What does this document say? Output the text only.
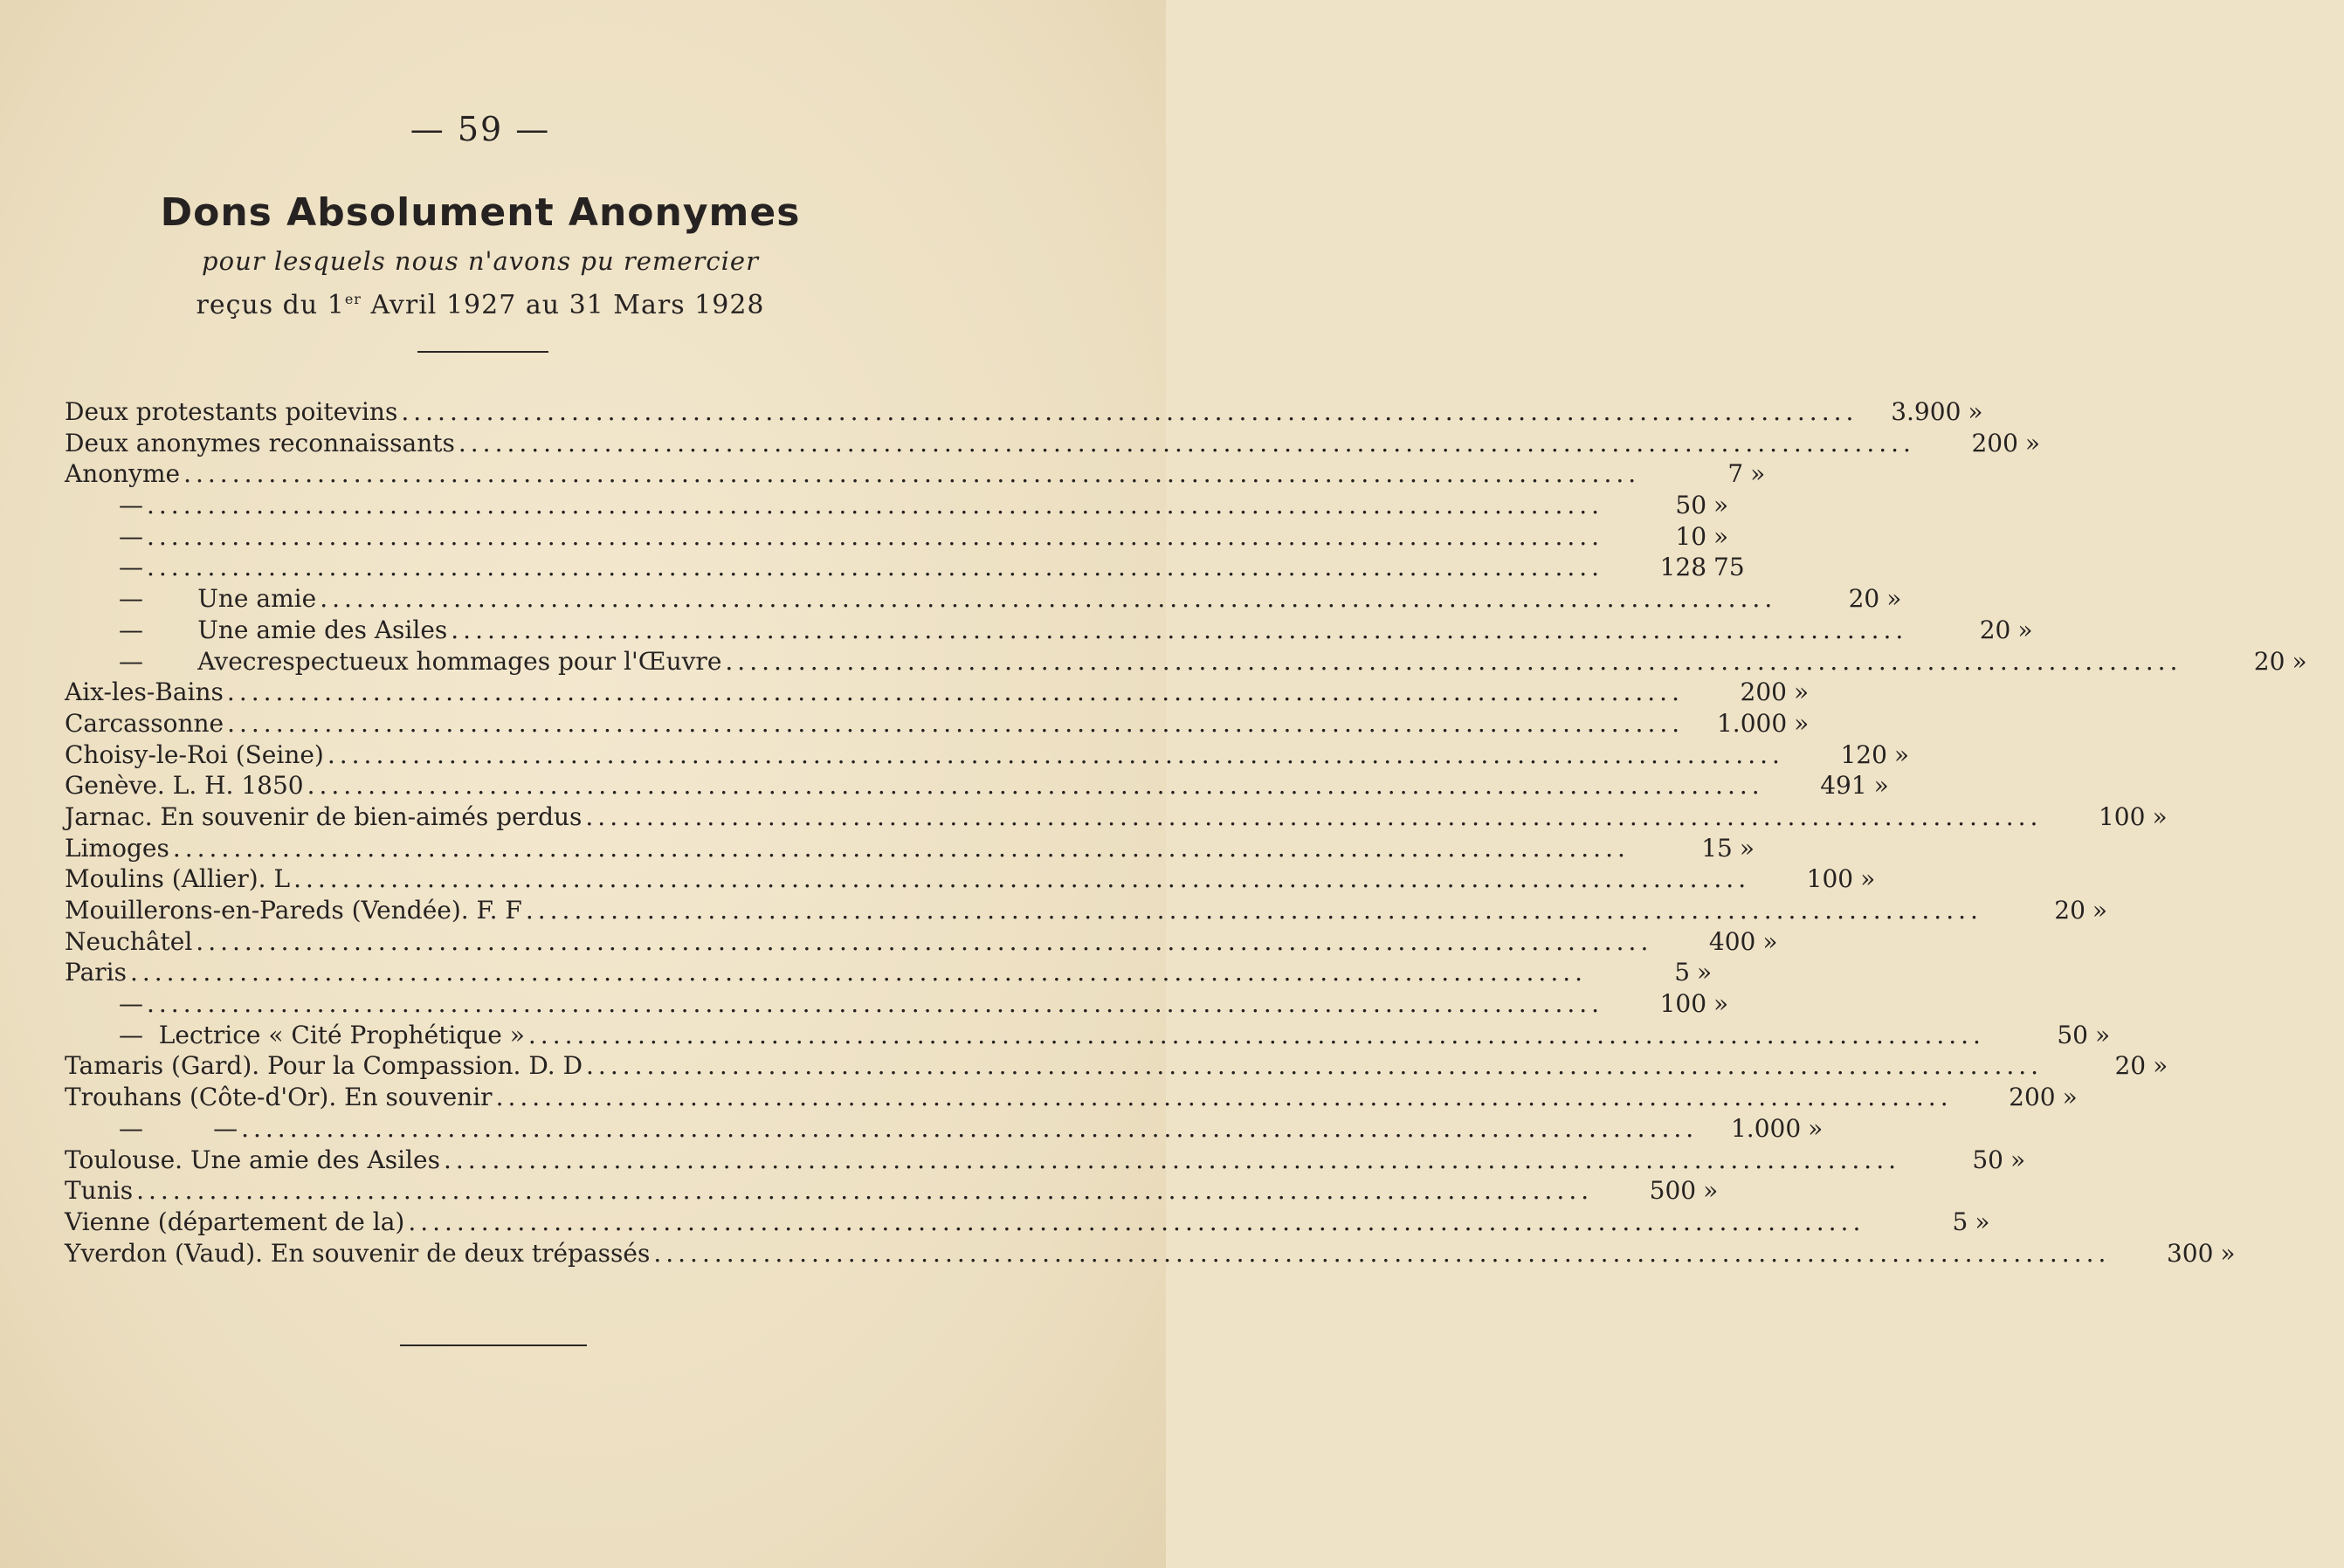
— 59 —
Dons Absolument Anonymes
pour lesquels nous n'avons pu remercier
reçus du 1er Avril 1927 au 31 Mars 1928
Deux protestants poitevins ........................................................................................................................	3.900 »
Deux anonymes reconnaissants ........................................................................................................................	200 »
Anonyme ........................................................................................................................	7 »
— ........................................................................................................................	50 »
— ........................................................................................................................	10 »
— ........................................................................................................................	128 75
—       Une amie ........................................................................................................................	20 »
—       Une amie des Asiles ........................................................................................................................	20 »
—       Avecrespectueux hommages pour l'Œuvre ........................................................................................................................	20 »
Aix-les-Bains ........................................................................................................................	200 »
Carcassonne ........................................................................................................................	1.000 »
Choisy-le-Roi (Seine) ........................................................................................................................	120 »
Genève. L. H. 1850 ........................................................................................................................	491 »
Jarnac. En souvenir de bien-aimés perdus ........................................................................................................................	100 »
Limoges ........................................................................................................................	15 »
Moulins (Allier). L ........................................................................................................................	100 »
Mouillerons-en-Pareds (Vendée). F. F ........................................................................................................................	20 »
Neuchâtel ........................................................................................................................	400 »
Paris ........................................................................................................................	5 »
— ........................................................................................................................	100 »
—  Lectrice « Cité Prophétique » ........................................................................................................................	50 »
Tamaris (Gard). Pour la Compassion. D. D ........................................................................................................................	20 »
Trouhans (Côte-d'Or). En souvenir ........................................................................................................................	200 »
—         — ........................................................................................................................	1.000 »
Toulouse. Une amie des Asiles ........................................................................................................................	50 »
Tunis ........................................................................................................................	500 »
Vienne (département de la) ........................................................................................................................	5 »
Yverdon (Vaud). En souvenir de deux trépassés ........................................................................................................................	300 »
